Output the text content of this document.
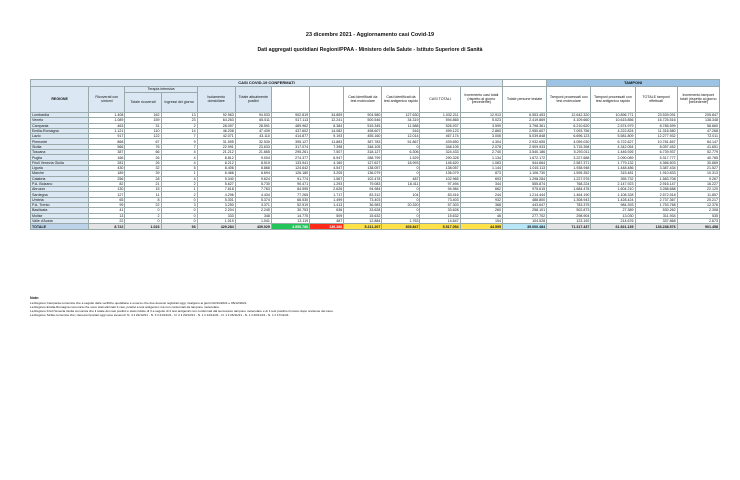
23 dicembre 2021 - Aggiornamento casi Covid-19
Dati aggregati quotidiani Regioni/PPAA - Ministero della Salute - Istituto Superiore di Sanità
CASI COVID-19 CONFERMATI													TAMPONI			
REGIONE	Ricoverati con sintomi	Terapia intensiva		Isolamento domiciliare	Totale attualmente positivi	DIMESSI GUARITI	DECEDUTI	Casi identificati da test molecolare	Casi identificati da test antigenico rapido	CASI TOTALI	Incremento casi totali (rispetto al giorno precedente)	Totale persone testate	Tamponi processati con test molecolare	Tamponi processati con test antigenico rapido	TOTALE tamponi effettuati	Incremento tamponi totali (rispetto al giorno precedente)
		Totale ricoverati	Ingressi del giorno													
Lombardia	1.408	162	13	92.963	94.533	902.819	34.859	904.580	127.630	1.032.211	12.913	6.553.453	12.642.320	10.896.771	23.539.091	205.847
Veneto	1.089	159	23	64.263	65.511	517.113	12.241	500.546	34.319	594.865	5.023	2.419.869	4.109.660	10.615.856	16.725.516	138.348
Campania	463	31	2	28.097	28.591	489.962	8.384	515.345	11.588	526.937	3.599	3.798.361	6.210.620	2.574.979	8.785.599	58.660
Emilia-Romagna	1.121	110	14	46.208	47.439	437.602	14.082	498.607	516	499.123	2.860	2.950.607	7.093.756	4.222.824	11.316.580	47.268
Lazio	917	122	7	42.071	43.110	414.877	9.193	455.160	12.014	467.174	3.006	5.039.848	6.696.123	5.581.809	12.277.932	72.011
Piemonte	868	67	9	31.595	32.530	395.127	11.883	387.783	51.867	439.650	4.304	2.932.655	4.059.030	6.722.627	10.781.657	84.147
Sicilia	566	76	7	22.991	23.633	317.074	7.398	348.105	0	348.105	2.078	2.909.933	3.715.398	4.342.054	8.057.452	41.651
Toscana	387	66	4	21.212	21.665	295.261	7.507	318.127	6.306	324.433	2.740	3.540.186	5.293.011	1.446.926	6.739.937	52.779
Puglia	166	26	4	8.812	9.004	274.377	6.947	288.799	1.529	290.328	1.134	1.672.172	3.227.688	2.090.089	5.317.777	40.785
Friuli Venezia Giulia	281	26	4	8.212	8.519	133.941	4.160	127.627	18.993	146.620	1.083	944.664	2.587.371	1.779.132	4.366.503	30.669
Liguria	430	32	5	8.406	8.868	124.642	4.547	138.057	0	138.057	1.144	1.015.113	1.938.948	1.448.486	3.387.434	21.527
Marche	189	39	1	6.466	6.694	126.180	3.205	136.079	0	136.079	873	1.106.730	1.595.352	315.481	1.910.833	10.313
Calabria	256	28	4	9.340	9.624	91.774	1.567	102.478	487	102.965	693	1.298.284	1.227.976	355.732	1.583.708	9.267
P.A. Bolzano	82	21	2	5.627	5.730	90.471	1.293	79.083	18.411	97.494	344	555.874	768.224	2.147.923	2.916.147	16.227
Abruzzo	130	15	1	7.618	7.763	84.595	2.626	94.984	0	94.984	662	975.615	1.684.478	1.604.210	3.288.688	22.120
Sardegna	127	11	2	4.296	4.434	77.265	1.717	83.312	104	83.416	244	1.214.444	1.464.190	1.108.328	2.572.518	11.857
Umbria	65	8	0	5.301	5.374	66.530	1.499	73.403	0	73.403	932	488.800	1.308.943	1.428.424	2.737.367	20.217
P.A. Trento	99	22	3	3.250	3.371	52.519	1.413	36.983	20.320	57.303	368	443.647	783.375	984.393	1.753.768	12.376
Basilicata	41	0	0	2.204	2.245	30.753	636	33.628	0	33.628	260	258.101	502.873	27.389	530.262	2.308
Molise	13	2	0	333	348	14.775	509	15.632	0	15.632	46	277.702	298.904	13.030	311.934	535
Valle d'Aosta	22	0	0	1.019	1.041	13.119	487	12.884	1.763	14.647	154	104.528	123.192	214.676	337.868	2.673
TOTALE	8.722	1.023	93	429.284	439.029	4.950.786	136.386	5.211.207	305.847	5.517.054	44.595	39.000.484	71.317.437	61.921.139	133.238.576	901.458
Note:
La Regione Campania comunica che a seguito delle verifiche quotidiane è emerso che due decessi registrati oggi, risalgono ai giorni 02/11/2021 e 06/12/2021.
La Regione Emilia-Romagna comunica che sono stati eliminati 3 casi, positivi a test antigenico ma non confermati da tampone molecolare.
La Regione Friuli Venezia Giulia comunica che il totale dei casi positivi è stato ridotto di 3 a seguito di 4 test antigenici non confermati dal successivo tampone molecolare e di 1 test positivo rimosso dopo revisione del caso.
La Regione Sicilia comunica che i decessi riportati oggi sono avvenuti: N. 4 il 22/12/21 - N. 3 il 21/12/21 - N. 2 il 20/12/21 - N. 1 il 12/12/21 - N. 1 il 26/11/21 - N. 1 il 20/11/21 - N. 1 il 17/11/21.
